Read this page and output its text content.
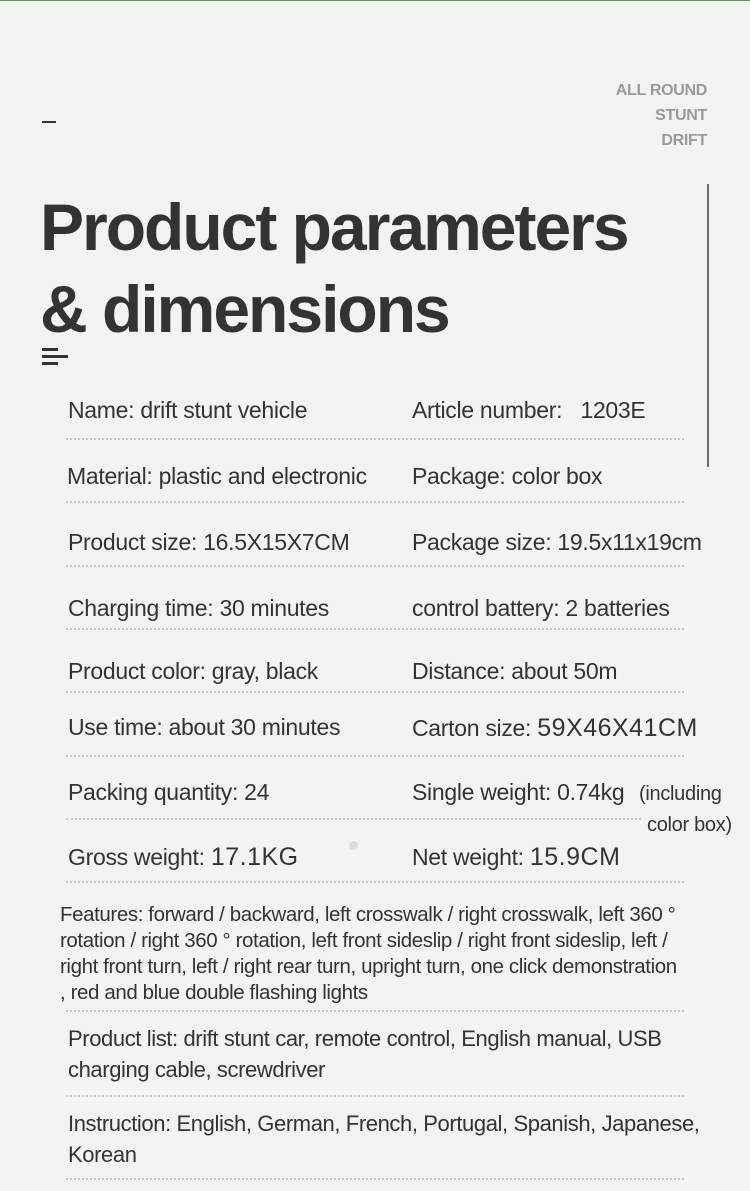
ALL ROUND
STUNT
DRIFT
Product parameters
& dimensions
Name: drift stunt vehicle	Article number: 1203E
Material: plastic and electronic Package: color box
Product size: 16.5X15X7CM	Package size: 19.5x11x19cm
Charging time: 30 minutes	control battery: 2 batteries
Product color: gray, black	Distance: about 50m
Use time: about 30 minutes	Carton size: 59X46X41CM
Packing quantity: 24	Single weight: 0.74kg (including
color box)
Gross weight: 17.1KG	Net weight: 15.9CM
Features: forward / backward, left crosswalk / right crosswalk, left 360 °
rotation / right 360 ° rotation, left front sideslip / right front sideslip, left /
right front turn, left / right rear turn, upright turn, one click demonstration
, red and blue double flashing lights
Product list: drift stunt car, remote control, English manual, USB
charging cable, screwdriver
Instruction: English, German, French, Portugal, Spanish, Japanese,
Korean
